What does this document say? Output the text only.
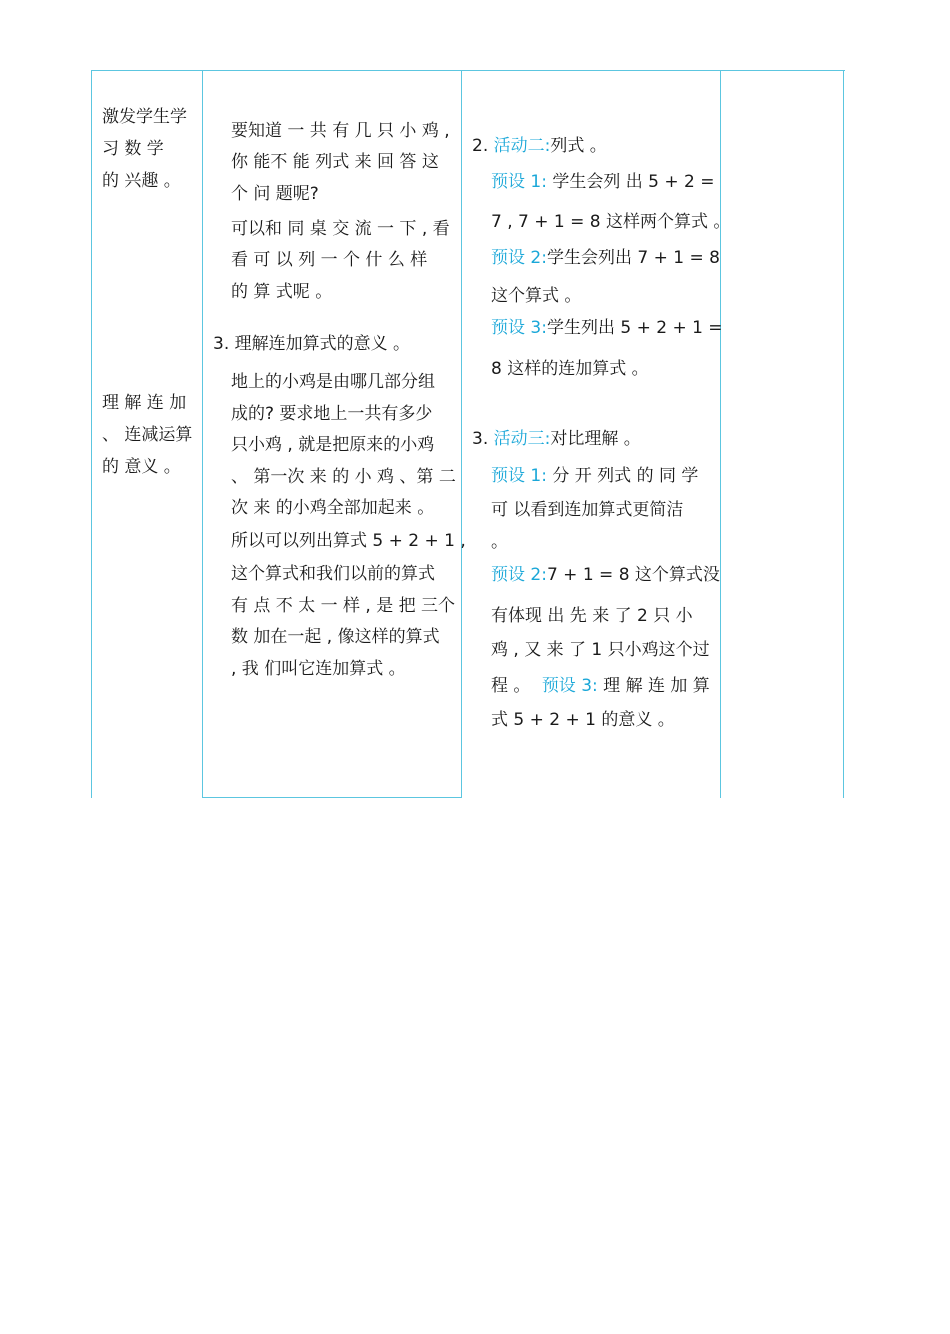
激发学生学
习 数 学
的 兴趣 。
理 解 连 加
、 连减运算
的 意义 。
要知道 一 共 有 几 只 小 鸡 ,
你 能不 能 列式 来 回 答 这
个 问 题呢?
可以和 同 桌 交 流 一 下 , 看
看 可 以 列 一 个 什 么 样
的 算 式呢 。
3. 理解连加算式的意义 。
地上的小鸡是由哪几部分组
成的? 要求地上一共有多少
只小鸡 , 就是把原来的小鸡
、 第一次 来 的 小 鸡 、第 二
次 来 的小鸡全部加起来 。
所以可以列出算式 5 + 2 + 1 ,
这个算式和我们以前的算式
有 点 不 太 一 样 , 是 把 三个
数 加在一起 , 像这样的算式
, 我 们叫它连加算式 。
2. 活动二:列式 。
预设 1: 学生会列 出 5 + 2 =
7 , 7 + 1 = 8 这样两个算式 。
预设 2:学生会列出 7 + 1 = 8
这个算式 。
预设 3:学生列出 5 + 2 + 1 =
8 这样的连加算式 。
3. 活动三:对比理解 。
预设 1: 分 开 列式 的 同 学
可 以看到连加算式更简洁
。
预设 2:7 + 1 = 8 这个算式没
有体现 出 先 来 了 2 只 小
鸡 , 又 来 了 1 只小鸡这个过
程 。 预设 3: 理 解 连 加 算
式 5 + 2 + 1 的意义 。
